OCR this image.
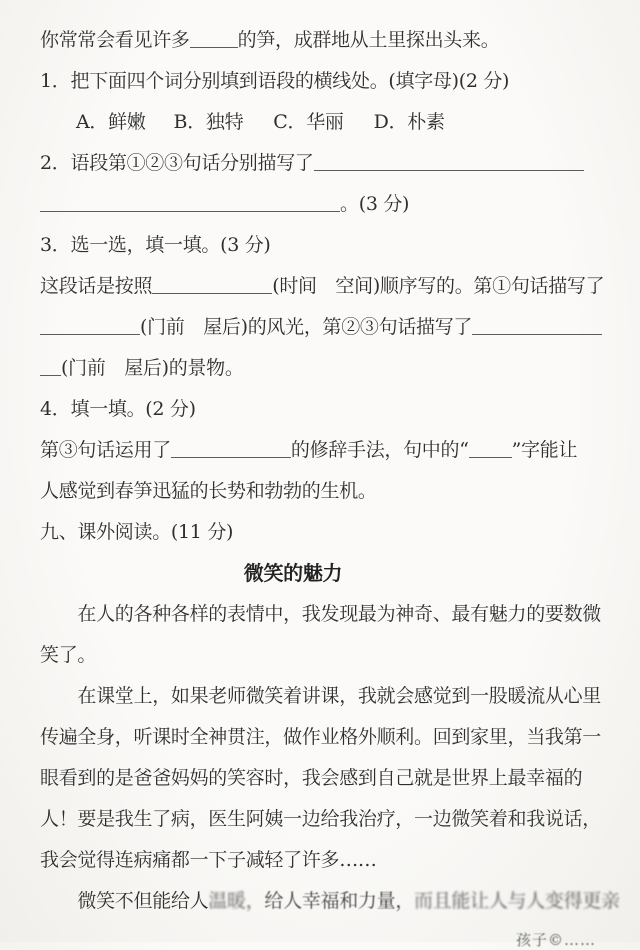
你常常会看见许多	的笋，成群地从土里探出头来。
1．把下面四个词分别填到语段的横线处。(填字母)(2 分)
A．鲜嫩 B．独特 C．华丽 D．朴素
2．语段第①②③句话分别描写了
。(3 分)
3．选一选，填一填。(3 分)
这段话是按照	(时间　空间)顺序写的。第①句话描写了
(门前　屋后)的风光，第②③句话描写了
(门前　屋后)的景物。
4．填一填。(2 分)
第③句话运用了	的修辞手法，句中的“ ”字能让
人感觉到春笋迅猛的长势和勃勃的生机。
九、课外阅读。(11 分)
微笑的魅力
　　在人的各种各样的表情中，我发现最为神奇、最有魅力的要数微
笑了。
　　在课堂上，如果老师微笑着讲课，我就会感觉到一股暖流从心里
传遍全身，听课时全神贯注，做作业格外顺利。回到家里，当我第一
眼看到的是爸爸妈妈的笑容时，我会感到自己就是世界上最幸福的
人！要是我生了病，医生阿姨一边给我治疗，一边微笑着和我说话，
我会觉得连病痛都一下子减轻了许多……
　　微笑不但能给人温暖，给人幸福和力量，而且能让人与人变得更亲
孩子©……
